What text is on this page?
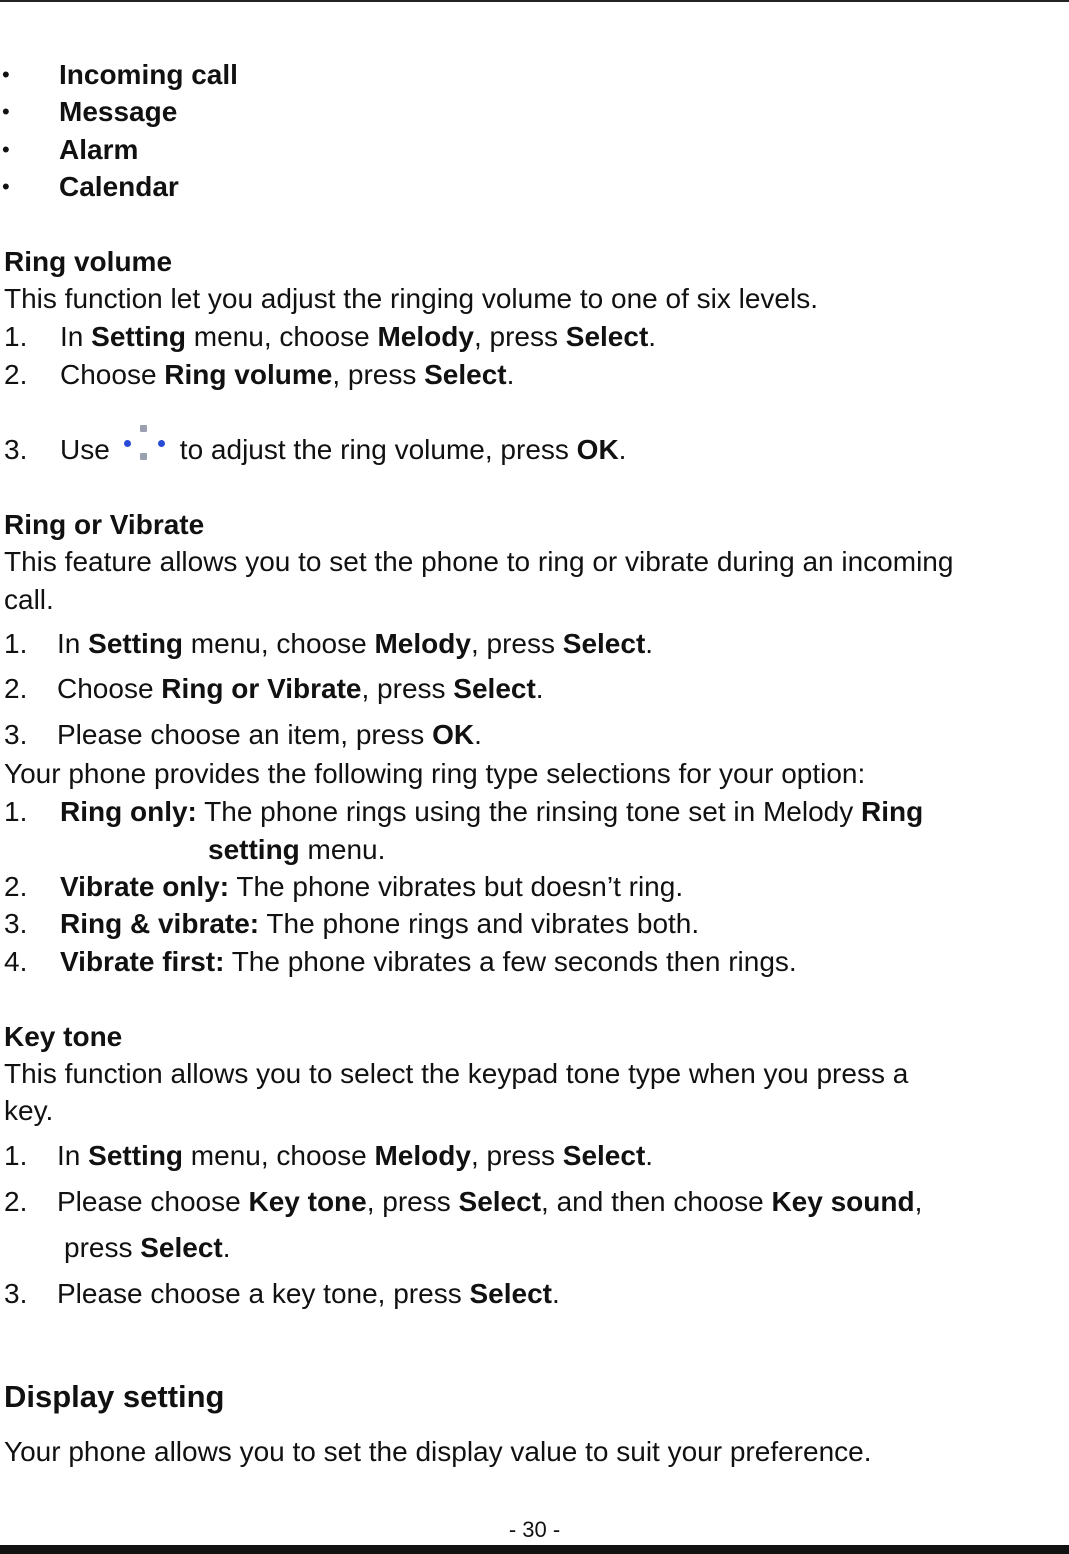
• Incoming call
• Message
• Alarm
• Calendar
Ring volume
This function let you adjust the ringing volume to one of six levels.
1. In Setting menu, choose Melody, press Select.
2. Choose Ring volume, press Select.
3. Use	to adjust the ring volume, press OK.
Ring or Vibrate
This feature allows you to set the phone to ring or vibrate during an incoming
call.
1. In Setting menu, choose Melody, press Select.
2. Choose Ring or Vibrate, press Select.
3. Please choose an item, press OK.
Your phone provides the following ring type selections for your option:
1. Ring only: The phone rings using the rinsing tone set in Melody Ring
setting menu.
2. Vibrate only: The phone vibrates but doesn’t ring.
3. Ring & vibrate: The phone rings and vibrates both.
4. Vibrate first: The phone vibrates a few seconds then rings.
Key tone
This function allows you to select the keypad tone type when you press a
key.
1. In Setting menu, choose Melody, press Select.
2. Please choose Key tone, press Select, and then choose Key sound,
press Select.
3. Please choose a key tone, press Select.
Display setting
Your phone allows you to set the display value to suit your preference.
- 30 -
